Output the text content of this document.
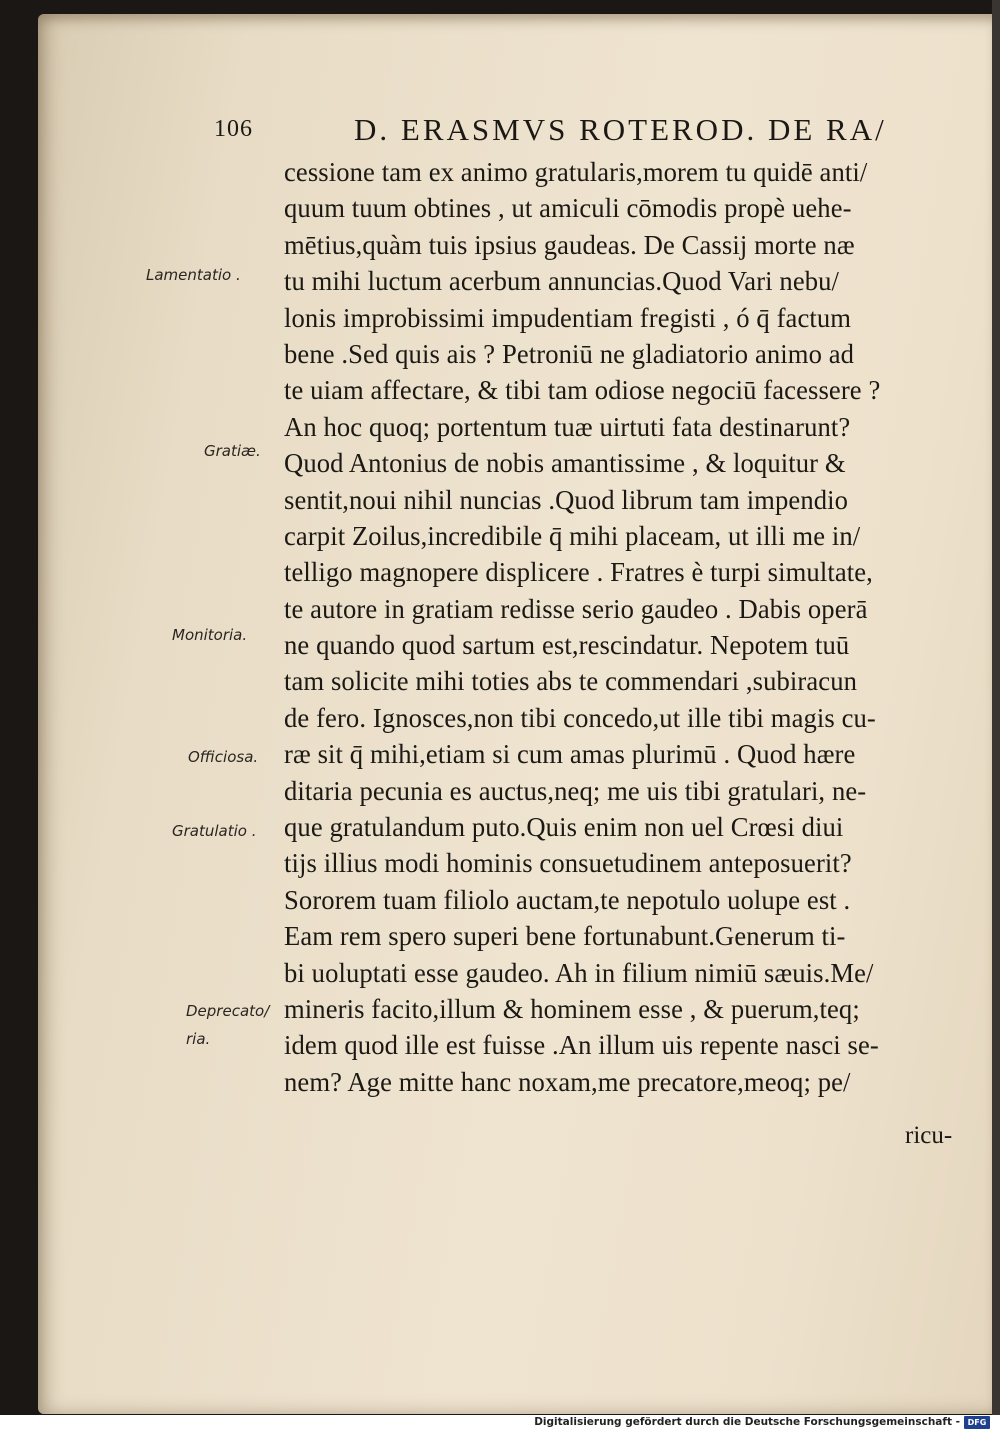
106	D. ERASMVS ROTEROD. DE RA/
Lamentatio .
Gratiæ.
Monitoria.
Officiosa.
Gratulatio .
Deprecato/
ria.
cessione tam ex animo gratularis,morem tu quidē anti/
quum tuum obtines , ut amiculi cōmodis propè uehe-
mētius,quàm tuis ipsius gaudeas. De Cassij morte næ
tu mihi luctum acerbum annuncias.Quod Vari nebu/
lonis improbissimi impudentiam fregisti , ó q̄ factum
bene .Sed quis ais ? Petroniū ne gladiatorio animo ad
te uiam affectare, & tibi tam odiose negociū facessere ?
An hoc quoq; portentum tuæ uirtuti fata destinarunt?
Quod Antonius de nobis amantissime , & loquitur &
sentit,noui nihil nuncias .Quod librum tam impendio
carpit Zoilus,incredibile q̄ mihi placeam, ut illi me in/
telligo magnopere displicere . Fratres è turpi simultate,
te autore in gratiam redisse serio gaudeo . Dabis operā
ne quando quod sartum est,rescindatur. Nepotem tuū
tam solicite mihi toties abs te commendari ,subiracun
de fero. Ignosces,non tibi concedo,ut ille tibi magis cu-
ræ sit q̄ mihi,etiam si cum amas plurimū . Quod hære
ditaria pecunia es auctus,neq; me uis tibi gratulari, ne-
que gratulandum puto.Quis enim non uel Crœsi diui
tijs illius modi hominis consuetudinem anteposuerit?
Sororem tuam filiolo auctam,te nepotulo uolupe est .
Eam rem spero superi bene fortunabunt.Generum ti-
bi uoluptati esse gaudeo. Ah in filium nimiū sæuis.Me/
mineris facito,illum & hominem esse , & puerum,teq;
idem quod ille est fuisse .An illum uis repente nasci se-
nem? Age mitte hanc noxam,me precatore,meoq; pe/
ricu-
Digitalisierung gefördert durch die Deutsche Forschungsgemeinschaft - DFG
